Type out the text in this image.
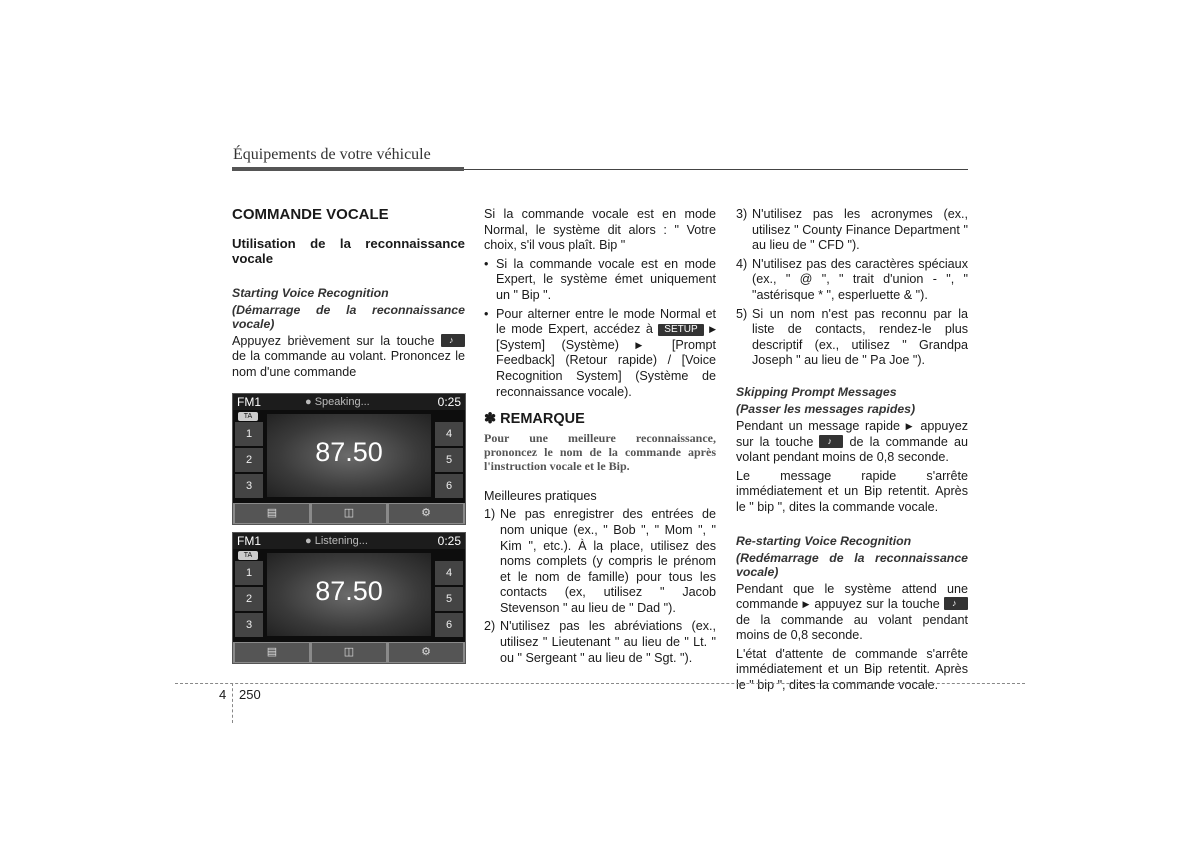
Équipements de votre véhicule

COMMANDE VOCALE

Utilisation de la reconnaissance vocale

Starting Voice Recognition

(Démarrage de la reconnaissance vocale)

Appuyez brièvement sur la touche ♪ de la commande au volant. Prononcez le nom d'une commande

FM1	● Speaking...	0:25
TA
1
2
3
4
5
6
87.50
▤	◫	⚙
FM1	● Listening...	0:25
TA
1
2
3
4
5
6
87.50
▤	◫	⚙

Si la commande vocale est en mode Normal, le système dit alors : " Votre choix, s'il vous plaît. Bip "

• Si la commande vocale est en mode Expert, le système émet uniquement un " Bip ".
• Pour alterner entre le mode Normal et le mode Expert, accédez à SETUP ▶ [System] (Système) ▶ [Prompt Feedback] (Retour rapide) / [Voice Recognition System] (Système de reconnaissance vocale).

✽ REMARQUE

Pour une meilleure reconnaissance, prononcez le nom de la commande après l'instruction vocale et le Bip.

Meilleures pratiques

1) Ne pas enregistrer des entrées de nom unique (ex., " Bob ", " Mom ", " Kim ", etc.). À la place, utilisez des noms complets (y compris le prénom et le nom de famille) pour tous les contacts (ex, utilisez " Jacob Stevenson " au lieu de " Dad ").
2) N'utilisez pas les abréviations (ex., utilisez " Lieutenant " au lieu de " Lt. " ou " Sergeant " au lieu de " Sgt. ").
3) N'utilisez pas les acronymes (ex., utilisez " County Finance Department " au lieu de " CFD ").
4) N'utilisez pas des caractères spéciaux (ex., " @ ", " trait d'union - ", " "astérisque * ", esperluette & ").
5) Si un nom n'est pas reconnu par la liste de contacts, rendez-le plus descriptif (ex., utilisez " Grandpa Joseph " au lieu de " Pa Joe ").

Skipping Prompt Messages

(Passer les messages rapides)

Pendant un message rapide ▶ appuyez sur la touche ♪	de la commande au volant pendant moins de 0,8 seconde.

Le message rapide s'arrête immédiatement et un Bip retentit. Après le " bip ", dites la commande vocale.

Re-starting Voice Recognition

(Redémarrage de la reconnaissance vocale)

Pendant que le système attend une commande ▶ appuyez sur la touche ♪ de la commande au volant pendant moins de 0,8 seconde.

L'état d'attente de commande s'arrête immédiatement et un Bip retentit. Après le " bip ", dites la commande vocale.

4 250
